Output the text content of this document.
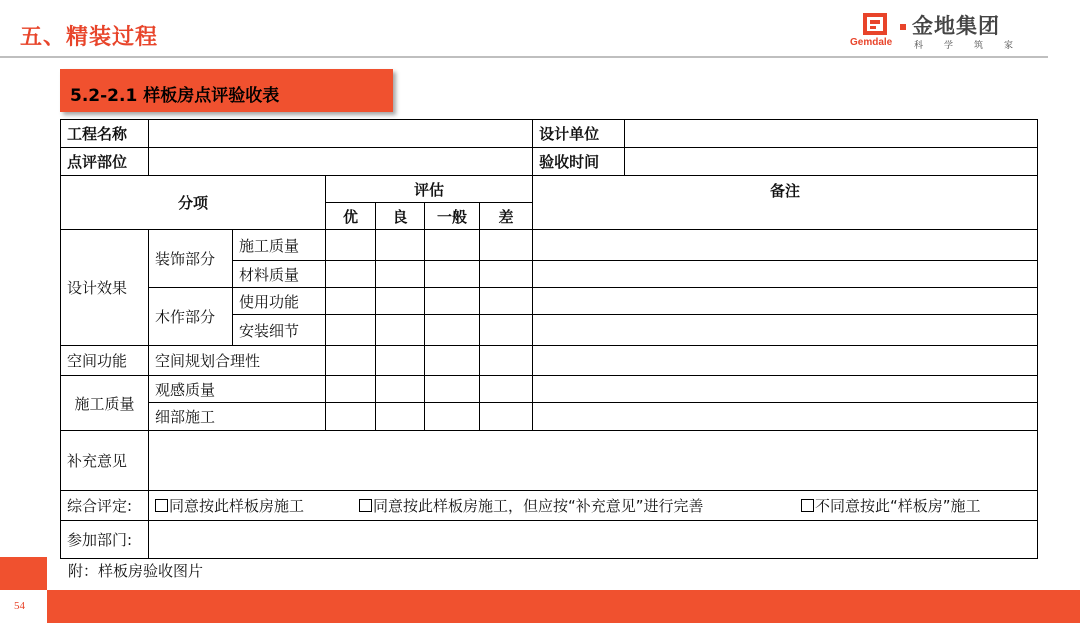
五、精装过程	金地集团
Gemdale 科 学 筑 家
5.2-2.1 样板房点评验收表
工程名称							设计单位	
点评部位							验收时间	
分项			评估				备注	
			优	良	一般	差		
设计效果	装饰部分	施工质量						
		材料质量						
	木作部分	使用功能						
		安装细节						
空间功能	空间规划合理性							
施工质量	观感质量							
	细部施工							
补充意见								
综合评定:	同意按此样板房施工 同意按此样板房施工，但应按“补充意见”进行完善 不同意按此“样板房”施工							

参加部门:								
附：样板房验收图片
54
